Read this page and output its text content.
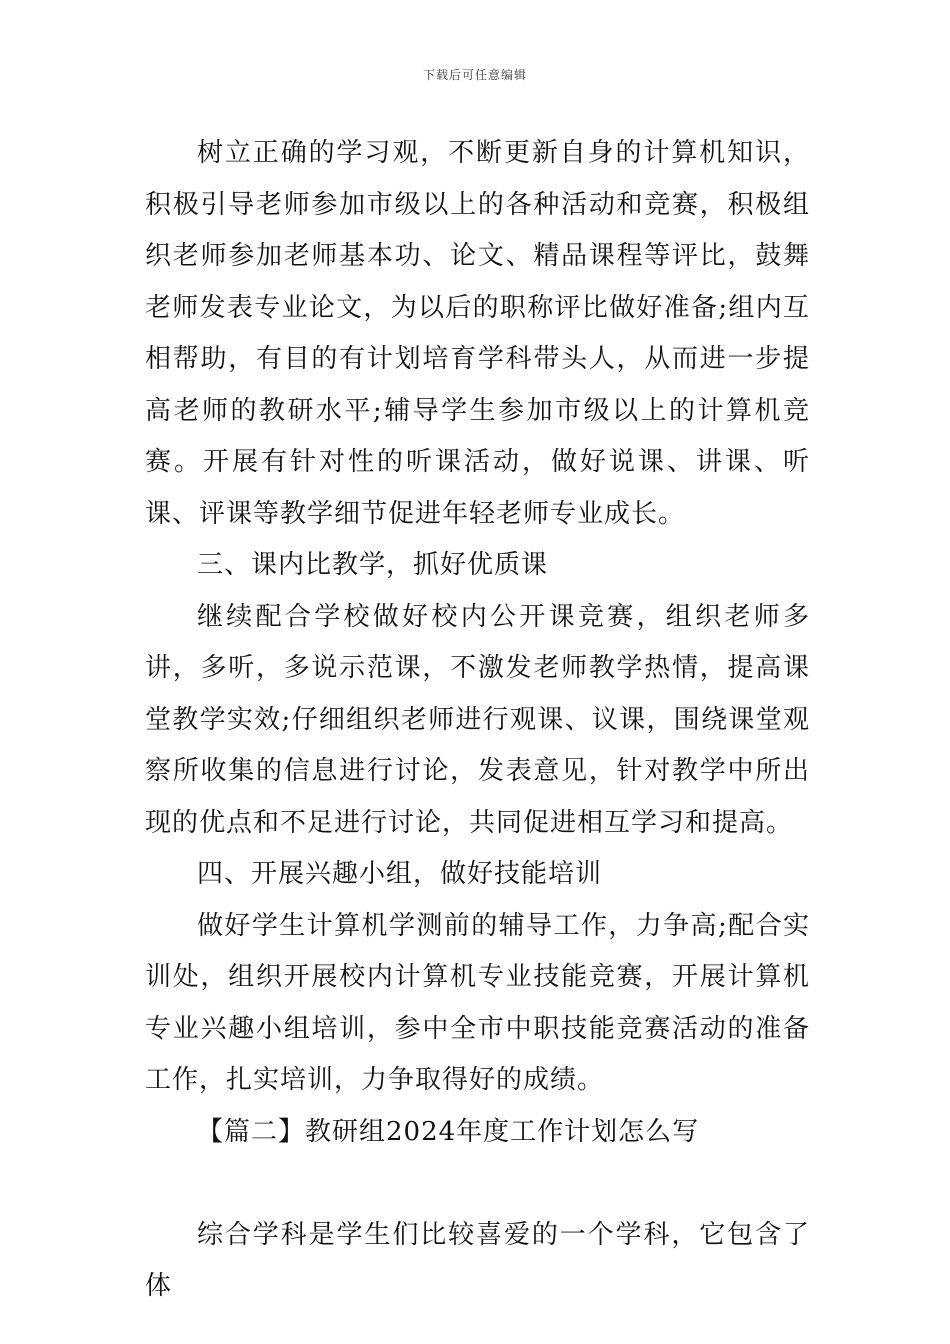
下载后可任意编辑

树立正确的学习观，不断更新自身的计算机知识，积极引导老师参加市级以上的各种活动和竞赛，积极组织老师参加老师基本功、论文、精品课程等评比，鼓舞老师发表专业论文，为以后的职称评比做好准备;组内互相帮助，有目的有计划培育学科带头人，从而进一步提高老师的教研水平;辅导学生参加市级以上的计算机竞赛。开展有针对性的听课活动，做好说课、讲课、听课、评课等教学细节促进年轻老师专业成长。

三、课内比教学，抓好优质课

继续配合学校做好校内公开课竞赛，组织老师多讲，多听，多说示范课，不激发老师教学热情，提高课堂教学实效;仔细组织老师进行观课、议课，围绕课堂观察所收集的信息进行讨论，发表意见，针对教学中所出现的优点和不足进行讨论，共同促进相互学习和提高。

四、开展兴趣小组，做好技能培训

做好学生计算机学测前的辅导工作，力争高;配合实训处，组织开展校内计算机专业技能竞赛，开展计算机专业兴趣小组培训，参中全市中职技能竞赛活动的准备工作，扎实培训，力争取得好的成绩。

【篇二】教研组2024年度工作计划怎么写

综合学科是学生们比较喜爱的一个学科，它包含了体
